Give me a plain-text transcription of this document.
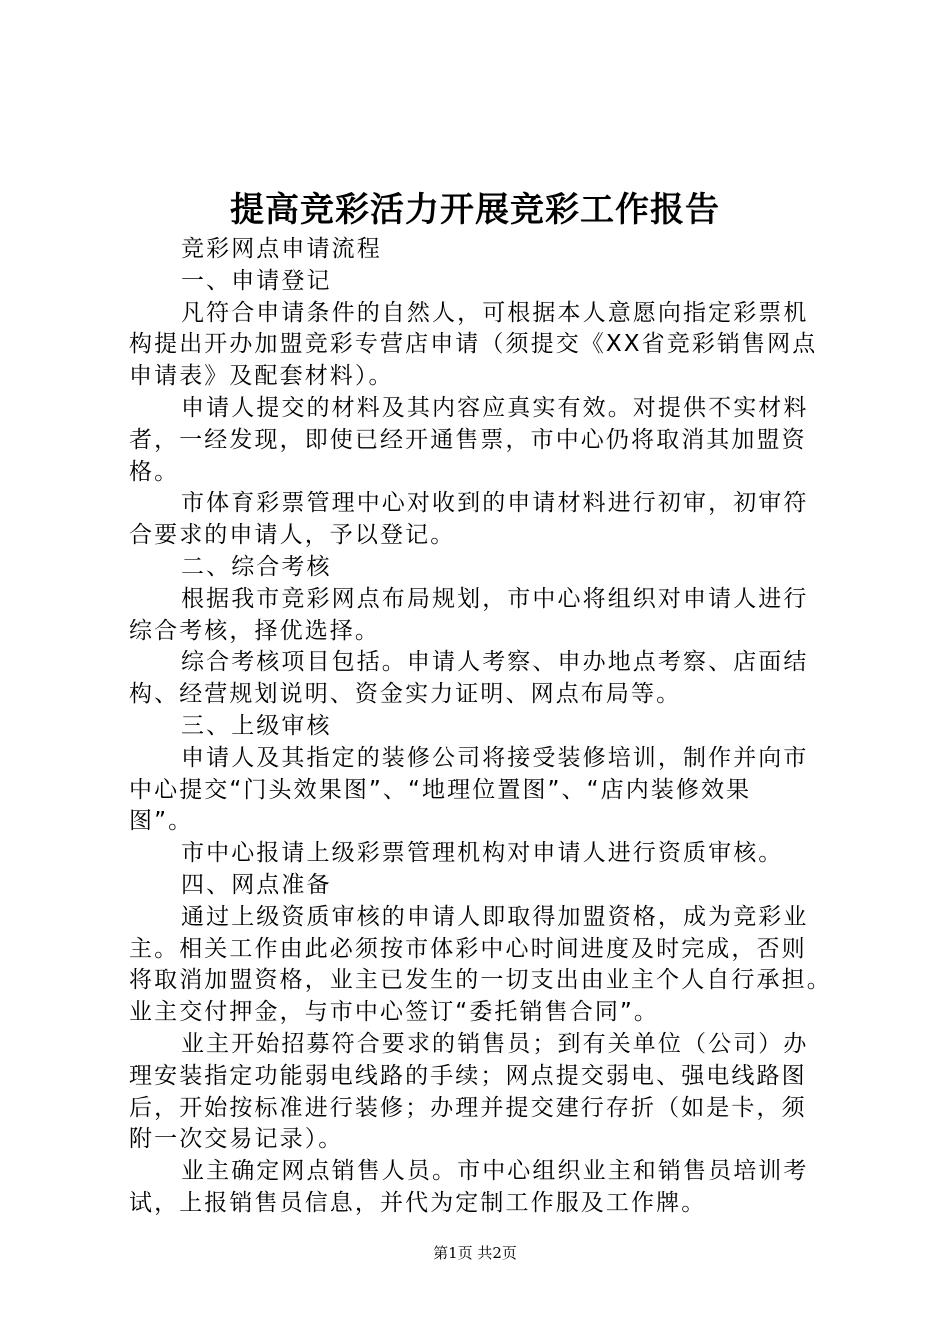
提高竞彩活力开展竞彩工作报告
竞彩网点申请流程
一、申请登记
凡符合申请条件的自然人，可根据本人意愿向指定彩票机
构提出开办加盟竞彩专营店申请（须提交《XX省竞彩销售网点
申请表》及配套材料）。
申请人提交的材料及其内容应真实有效。对提供不实材料
者，一经发现，即使已经开通售票，市中心仍将取消其加盟资
格。
市体育彩票管理中心对收到的申请材料进行初审，初审符
合要求的申请人，予以登记。
二、综合考核
根据我市竞彩网点布局规划，市中心将组织对申请人进行
综合考核，择优选择。
综合考核项目包括。申请人考察、申办地点考察、店面结
构、经营规划说明、资金实力证明、网点布局等。
三、上级审核
申请人及其指定的装修公司将接受装修培训，制作并向市
中心提交“门头效果图”、“地理位置图”、“店内装修效果
图”。
市中心报请上级彩票管理机构对申请人进行资质审核。
四、网点准备
通过上级资质审核的申请人即取得加盟资格，成为竞彩业
主。相关工作由此必须按市体彩中心时间进度及时完成，否则
将取消加盟资格，业主已发生的一切支出由业主个人自行承担。
业主交付押金，与市中心签订“委托销售合同”。
业主开始招募符合要求的销售员；到有关单位（公司）办
理安装指定功能弱电线路的手续；网点提交弱电、强电线路图
后，开始按标准进行装修；办理并提交建行存折（如是卡，须
附一次交易记录）。
业主确定网点销售人员。市中心组织业主和销售员培训考
试，上报销售员信息，并代为定制工作服及工作牌。
第1页 共2页
